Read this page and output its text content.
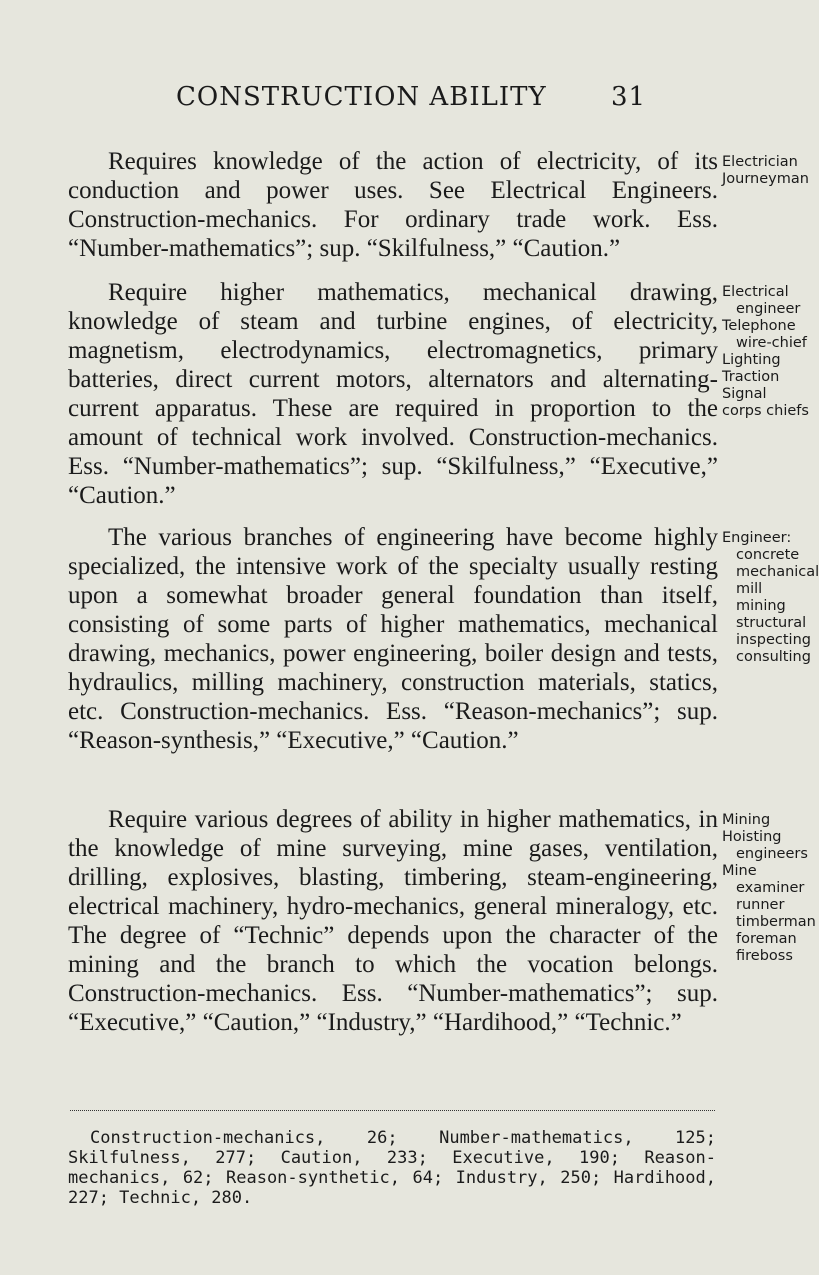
CONSTRUCTION ABILITY 31

Requires knowledge of the action of electricity, of its conduction and power uses. See Electrical Engineers. Construction-mechanics. For ordinary trade work. Ess. “Number-mathematics”; sup. “Skilfulness,” “Caution.”

Electrician
Journeyman

Require higher mathematics, mechanical drawing, knowledge of steam and turbine engines, of electricity, magnetism, electrodynamics, electromagnetics, primary batteries, direct current motors, alternators and alternating-current apparatus. These are required in proportion to the amount of technical work involved. Construction-mechanics. Ess. “Number-mathematics”; sup. “Skilfulness,” “Executive,” “Caution.”

Electrical
engineer
Telephone
wire-chief
Lighting
Traction
Signal
corps chiefs

The various branches of engineering have become highly specialized, the intensive work of the specialty usually resting upon a somewhat broader general foundation than itself, consisting of some parts of higher mathematics, mechanical drawing, mechanics, power engineering, boiler design and tests, hydraulics, milling machinery, construction materials, statics, etc. Construction-mechanics. Ess. “Reason-mechanics”; sup. “Reason-synthesis,” “Executive,” “Caution.”

Engineer:
concrete
mechanical
mill
mining
structural
inspecting
consulting

Require various degrees of ability in higher mathematics, in the knowledge of mine surveying, mine gases, ventilation, drilling, explosives, blasting, timbering, steam-engineering, electrical machinery, hydro-mechanics, general mineralogy, etc. The degree of “Technic” depends upon the character of the mining and the branch to which the vocation belongs. Construction-mechanics. Ess. “Number-mathematics”; sup. “Executive,” “Caution,” “Industry,” “Hardihood,” “Technic.”

Mining
Hoisting
engineers
Mine
examiner
runner
timberman
foreman
fireboss

Construction-mechanics, 26; Number-mathematics, 125; Skilfulness, 277; Caution, 233; Executive, 190; Reason-mechanics, 62; Reason-synthetic, 64; Industry, 250; Hardihood, 227; Technic, 280.
